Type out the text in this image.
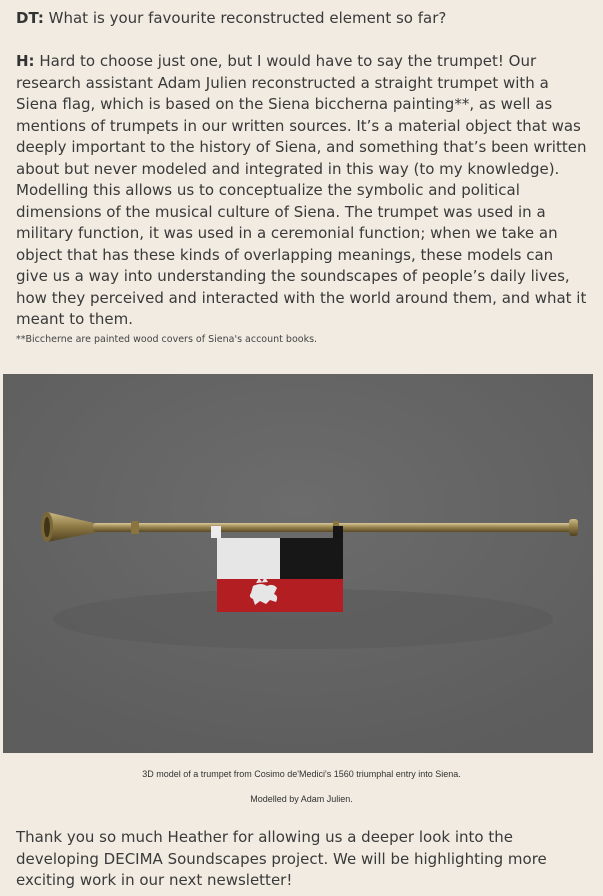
DT: What is your favourite reconstructed element so far?

H: Hard to choose just one, but I would have to say the trumpet! Our research assistant Adam Julien reconstructed a straight trumpet with a Siena flag, which is based on the Siena biccherna painting**, as well as mentions of trumpets in our written sources. It’s a material object that was deeply important to the history of Siena, and something that’s been written about but never modeled and integrated in this way (to my knowledge). Modelling this allows us to conceptualize the symbolic and political dimensions of the musical culture of Siena. The trumpet was used in a military function, it was used in a ceremonial function; when we take an object that has these kinds of overlapping meanings, these models can give us a way into understanding the soundscapes of people’s daily lives, how they perceived and interacted with the world around them, and what it meant to them.

**Biccherne are painted wood covers of Siena's account books.

3D model of a trumpet from Cosimo de'Medici's 1560 triumphal entry into Siena.

Modelled by Adam Julien.

Thank you so much Heather for allowing us a deeper look into the developing DECIMA Soundscapes project. We will be highlighting more exciting work in our next newsletter!
